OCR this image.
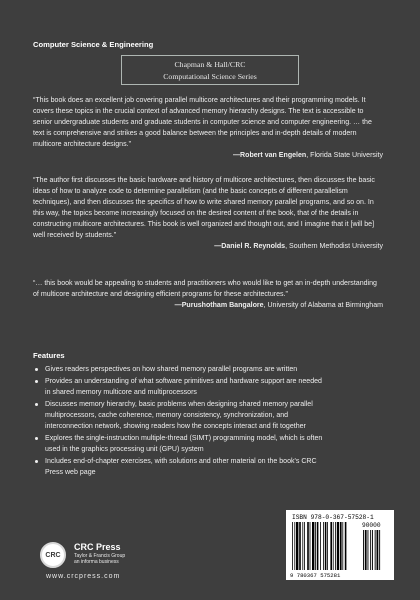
Computer Science & Engineering
Chapman & Hall/CRC
Computational Science Series

“This book does an excellent job covering parallel multicore architectures and their programming models. It covers these topics in the crucial context of advanced memory hierarchy designs. The text is accessible to senior undergraduate students and graduate students in computer science and computer engineering. … the text is comprehensive and strikes a good balance between the principles and in-depth details of modern multicore architecture designs.”

—Robert van Engelen, Florida State University

“The author first discusses the basic hardware and history of multicore architectures, then discusses the basic ideas of how to analyze code to determine parallelism (and the basic concepts of different parallelism techniques), and then discusses the specifics of how to write shared memory parallel programs, and so on. In this way, the topics become increasingly focused on the desired content of the book, that of the details in constructing multicore architectures. This book is well organized and thought out, and I imagine that it [will be] well received by students.”

—Daniel R. Reynolds, Southern Methodist University

“… this book would be appealing to students and practitioners who would like to get an in-depth understanding of multicore architecture and designing efficient programs for these architectures.”

—Purushotham Bangalore, University of Alabama at Birmingham

Features
Gives readers perspectives on how shared memory parallel programs are written
Provides an understanding of what software primitives and hardware support are needed in shared memory multicore and multiprocessors
Discusses memory hierarchy, basic problems when designing shared memory parallel multiprocessors, cache coherence, memory consistency, synchronization, and interconnection network, showing readers how the concepts interact and fit together
Explores the single-instruction multiple-thread (SIMT) programming model, which is often used in the graphics processing unit (GPU) system
Includes end-of-chapter exercises, with solutions and other material on the book's CRC Press web page
CRC
CRC Press
Taylor & Francis Group
an informa business
www.crcpress.com
ISBN 978-0-367-57528-1
90000
9 780367 575281
